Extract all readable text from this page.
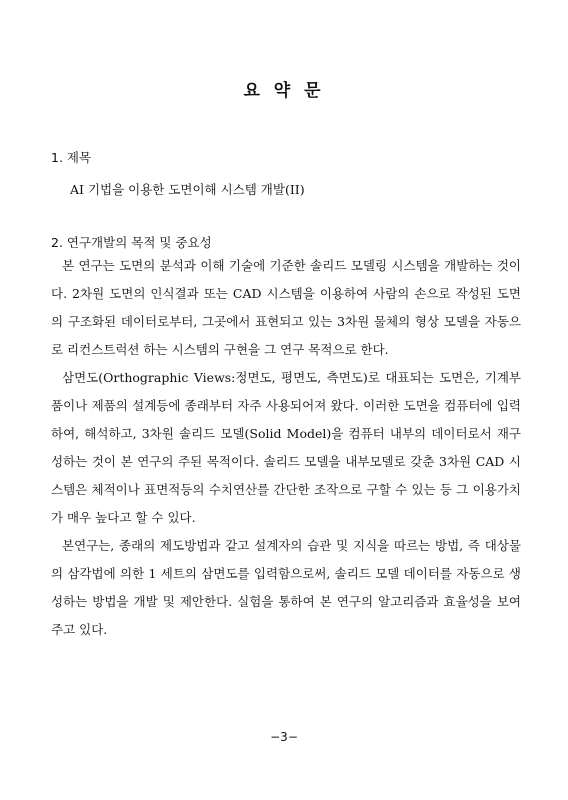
요 약 문
1. 제목
AI 기법을 이용한 도면이해 시스템 개발(II)
2. 연구개발의 목적 및 중요성
본 연구는 도면의 분석과 이해 기술에 기준한 솔리드 모델링 시스템을 개발하는 것이다. 2차원 도면의 인식결과 또는 CAD 시스템을 이용하여 사람의 손으로 작성된 도면의 구조화된 데이터로부터, 그곳에서 표현되고 있는 3차원 물체의 형상 모델을 자동으로 리컨스트럭션 하는 시스템의 구현을 그 연구 목적으로 한다.
삼면도(Orthographic Views:정면도, 평면도, 측면도)로 대표되는 도면은, 기계부품이나 제품의 설계등에 종래부터 자주 사용되어져 왔다. 이러한 도면을 컴퓨터에 입력하여, 해석하고, 3차원 솔리드 모델(Solid Model)을 컴퓨터 내부의 데이터로서 재구성하는 것이 본 연구의 주된 목적이다. 솔리드 모델을 내부모델로 갖춘 3차원 CAD 시스템은 체적이나 표면적등의 수치연산를 간단한 조작으로 구할 수 있는 등 그 이용가치가 매우 높다고 할 수 있다.
본연구는, 종래의 제도방법과 같고 설계자의 습관 및 지식을 따르는 방법, 즉 대상물의 삼각법에 의한 1 세트의 삼면도를 입력함으로써, 솔리드 모델 데이터를 자동으로 생성하는 방법을 개발 및 제안한다. 실험을 통하여 본 연구의 알고리즘과 효율성을 보여주고 있다.
−3−
